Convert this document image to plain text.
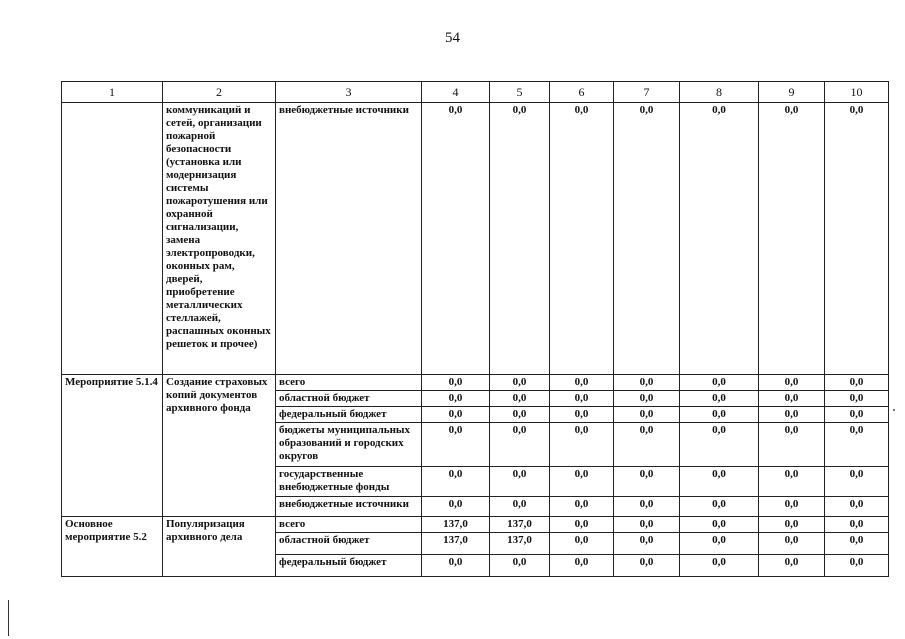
54
1	2	3	4	5	6	7	8	9	10
	коммуникаций и сетей, организации пожарной безопасности (установка или модернизация системы пожаротушения или охранной сигнализации, замена электропроводки, оконных рам, дверей, приобретение металлических стеллажей, распашных оконных решеток и прочее)	внебюджетные источники	0,0	0,0	0,0	0,0	0,0	0,0	0,0
Мероприятие 5.1.4	Создание страховых копий документов архивного фонда	всего	0,0	0,0	0,0	0,0	0,0	0,0	0,0
		областной бюджет	0,0	0,0	0,0	0,0	0,0	0,0	0,0
		федеральный бюджет	0,0	0,0	0,0	0,0	0,0	0,0	0,0
		бюджеты муниципальных образований и городских округов	0,0	0,0	0,0	0,0	0,0	0,0	0,0
		государственные внебюджетные фонды	0,0	0,0	0,0	0,0	0,0	0,0	0,0
		внебюджетные источники	0,0	0,0	0,0	0,0	0,0	0,0	0,0
Основное мероприятие 5.2	Популяризация архивного дела	всего	137,0	137,0	0,0	0,0	0,0	0,0	0,0
		областной бюджет	137,0	137,0	0,0	0,0	0,0	0,0	0,0
		федеральный бюджет	0,0	0,0	0,0	0,0	0,0	0,0	0,0
